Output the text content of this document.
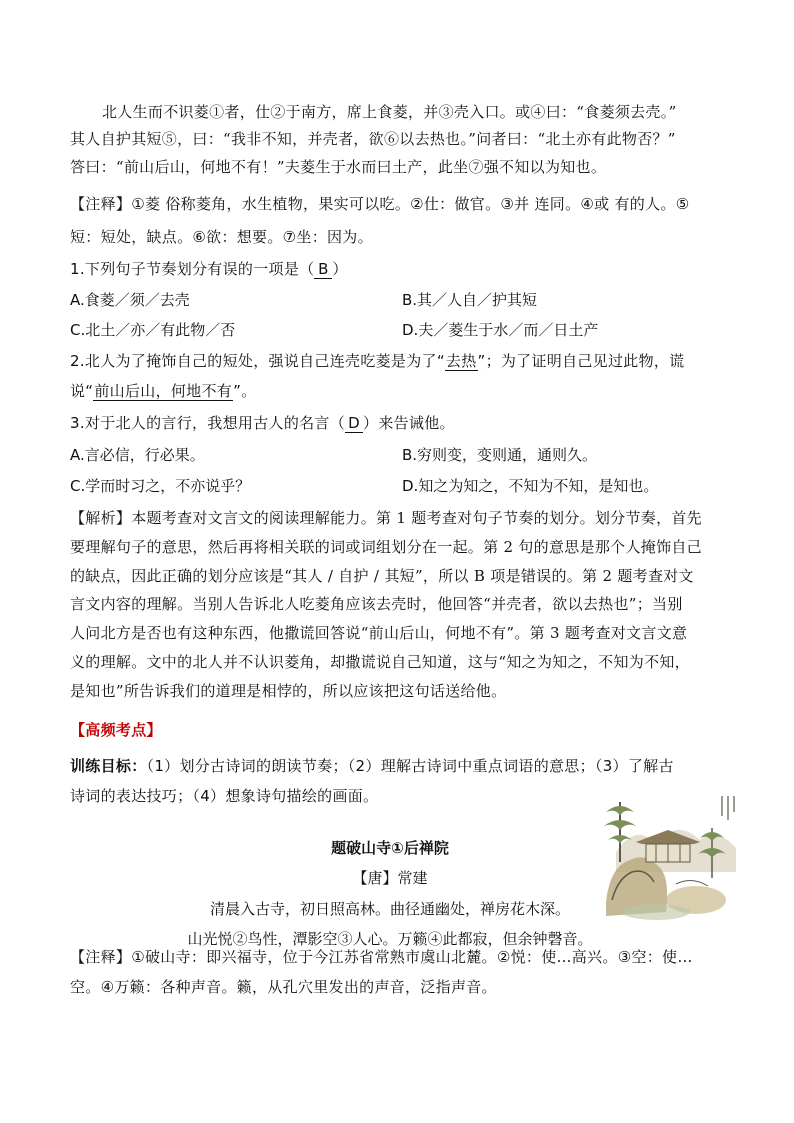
北人生而不识菱①者，仕②于南方，席上食菱，并③壳入口。或④曰：“食菱须去壳。”

其人自护其短⑤，曰：“我非不知，并壳者，欲⑥以去热也。”问者曰：“北土亦有此物否？”

答曰：“前山后山，何地不有！”夫菱生于水而曰土产，此坐⑦强不知以为知也。

【注释】①菱 俗称菱角，水生植物，果实可以吃。②仕：做官。③并 连同。④或 有的人。⑤

短：短处，缺点。⑥欲：想要。⑦坐：因为。

1.下列句子节奏划分有误的一项是（ B ）

A.食菱／须／去壳	B.其／人自／护其短
C.北土／亦／有此物／否	D.夫／菱生于水／而／日土产

2.北人为了掩饰自己的短处，强说自己连壳吃菱是为了“去热”；为了证明自己见过此物，谎

说“前山后山，何地不有”。

3.对于北人的言行，我想用古人的名言（ D ）来告诫他。

A.言必信，行必果。	B.穷则变，变则通，通则久。
C.学而时习之，不亦说乎？	D.知之为知之，不知为不知，是知也。

【解析】本题考查对文言文的阅读理解能力。第 1 题考查对句子节奏的划分。划分节奏，首先

要理解句子的意思，然后再将相关联的词或词组划分在一起。第 2 句的意思是那个人掩饰自己

的缺点，因此正确的划分应该是“其人 / 自护 / 其短”，所以 B 项是错误的。第 2 题考查对文

言文内容的理解。当别人告诉北人吃菱角应该去壳时，他回答“并壳者，欲以去热也”；当别

人问北方是否也有这种东西，他撒谎回答说“前山后山，何地不有”。第 3 题考查对文言文意

义的理解。文中的北人并不认识菱角，却撒谎说自己知道，这与“知之为知之，不知为不知，

是知也”所告诉我们的道理是相悖的，所以应该把这句话送给他。

【高频考点】

训练目标：（1）划分古诗词的朗读节奏；（2）理解古诗词中重点词语的意思；（3）了解古

诗词的表达技巧；（4）想象诗句描绘的画面。

题破山寺①后禅院

【唐】常建

清晨入古寺，初日照高林。曲径通幽处，禅房花木深。

山光悦②鸟性，潭影空③人心。万籁④此都寂，但余钟磬音。

【注释】①破山寺：即兴福寺，位于今江苏省常熟市虞山北麓。②悦：使…高兴。③空：使…

空。④万籁：各种声音。籁，从孔穴里发出的声音，泛指声音。
